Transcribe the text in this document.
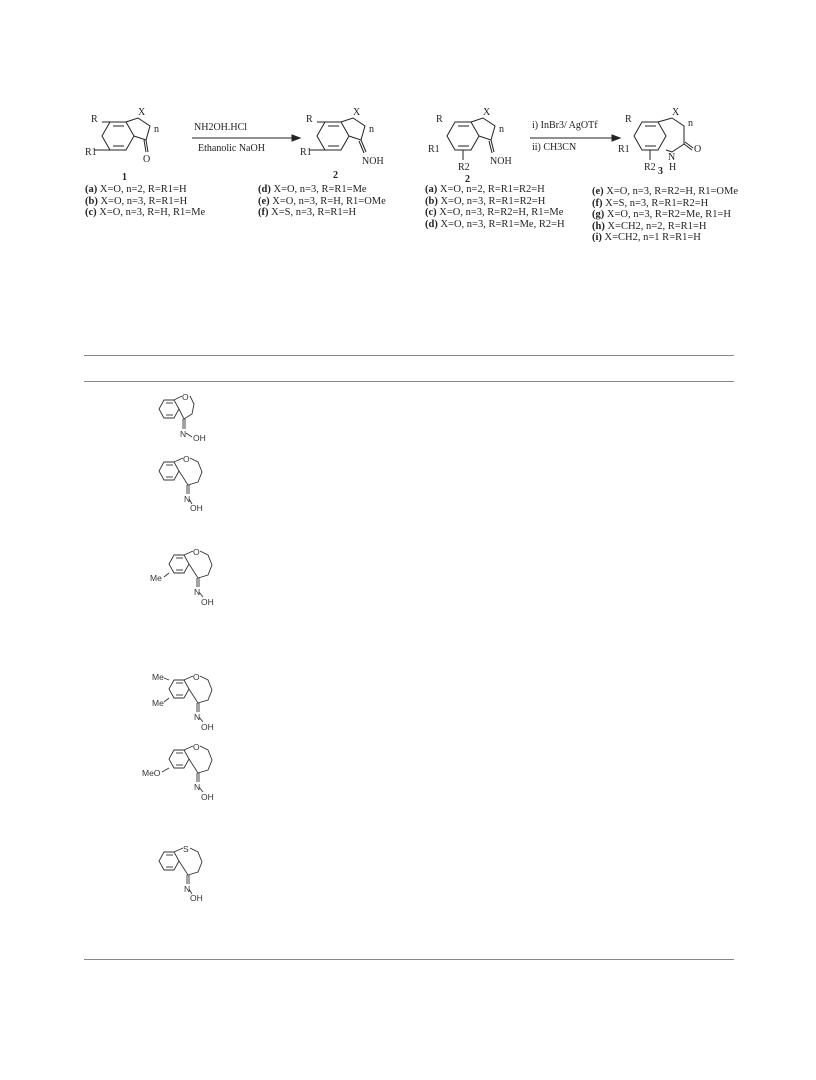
R
R1
X
n
O
1
R
R1
X
n
NOH
2
R
R1
R2
X
n
NOH
2
R
R1
R2
X
n
N
H
O
3
NH2OH.HCl
Ethanolic NaOH
i) InBr3/ AgOTf
ii) CH3CN
(a) X=O, n=2, R=R1=H
(b) X=O, n=3, R=R1=H
(c) X=O, n=3, R=H, R1=Me
(d) X=O, n=3, R=R1=Me
(e) X=O, n=3, R=H, R1=OMe
(f) X=S, n=3, R=R1=H
(a) X=O, n=2, R=R1=R2=H
(b) X=O, n=3, R=R1=R2=H
(c) X=O, n=3, R=R2=H, R1=Me
(d) X=O, n=3, R=R1=Me, R2=H
(e) X=O, n=3, R=R2=H, R1=OMe
(f) X=S, n=3, R=R1=R2=H
(g) X=O, n=3, R=R2=Me, R1=H
(h) X=CH2, n=2, R=R1=H
(i) X=CH2, n=1 R=R1=H
O
N OH
O
N
OH
O
Me
N
OH
O
Me
Me
N
OH
O
MeO
N
OH
S
N
OH
